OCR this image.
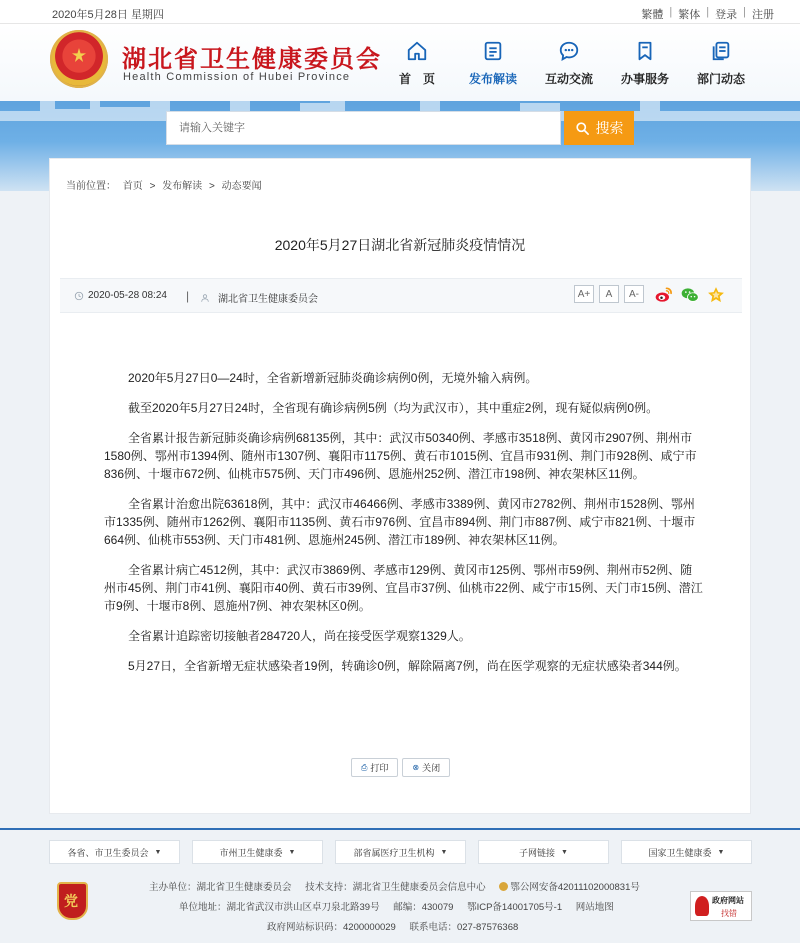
2020年5月28日 星期四	繁體 | 繁体 | 登录 | 注册
湖北省卫生健康委员会
Health Commission of Hubei Province	首　页	发布解读 互动交流 办事服务 部门动态
请输入关键字
搜索
当前位置： 首页 > 发布解读 > 动态要闻
2020年5月27日湖北省新冠肺炎疫情情况
2020-05-28 08:24 |	湖北省卫生健康委员会	A+	A	A-

2020年5月27日0—24时，全省新增新冠肺炎确诊病例0例，无境外输入病例。

截至2020年5月27日24时，全省现有确诊病例5例（均为武汉市），其中重症2例，现有疑似病例0例。

全省累计报告新冠肺炎确诊病例68135例，其中：武汉市50340例、孝感市3518例、黄冈市2907例、荆州市1580例、鄂州市1394例、随州市1307例、襄阳市1175例、黄石市1015例、宜昌市931例、荆门市928例、咸宁市836例、十堰市672例、仙桃市575例、天门市496例、恩施州252例、潜江市198例、神农架林区11例。

全省累计治愈出院63618例，其中：武汉市46466例、孝感市3389例、黄冈市2782例、荆州市1528例、鄂州市1335例、随州市1262例、襄阳市1135例、黄石市976例、宜昌市894例、荆门市887例、咸宁市821例、十堰市664例、仙桃市553例、天门市481例、恩施州245例、潜江市189例、神农架林区11例。

全省累计病亡4512例，其中：武汉市3869例、孝感市129例、黄冈市125例、鄂州市59例、荆州市52例、随州市45例、荆门市41例、襄阳市40例、黄石市39例、宜昌市37例、仙桃市22例、咸宁市15例、天门市15例、潜江市9例、十堰市8例、恩施州7例、神农架林区0例。

全省累计追踪密切接触者284720人，尚在接受医学观察1329人。

5月27日，全省新增无症状感染者19例，转确诊0例，解除隔离7例，尚在医学观察的无症状感染者344例。

⎙ 打印	⊗ 关闭
各省、市卫生委员会 ▼	市州卫生健康委 ▼	部省属医疗卫生机构 ▼	子网链接 ▼	国家卫生健康委 ▼
党
主办单位：湖北省卫生健康委员会 技术支持：湖北省卫生健康委员会信息中心	鄂公网安备42011102000831号
单位地址：湖北省武汉市洪山区卓刀泉北路39号 邮编：430079 鄂ICP备14001705号-1 网站地图
政府网站标识码：4200000029 联系电话：027-87576368
政府网站
找错
